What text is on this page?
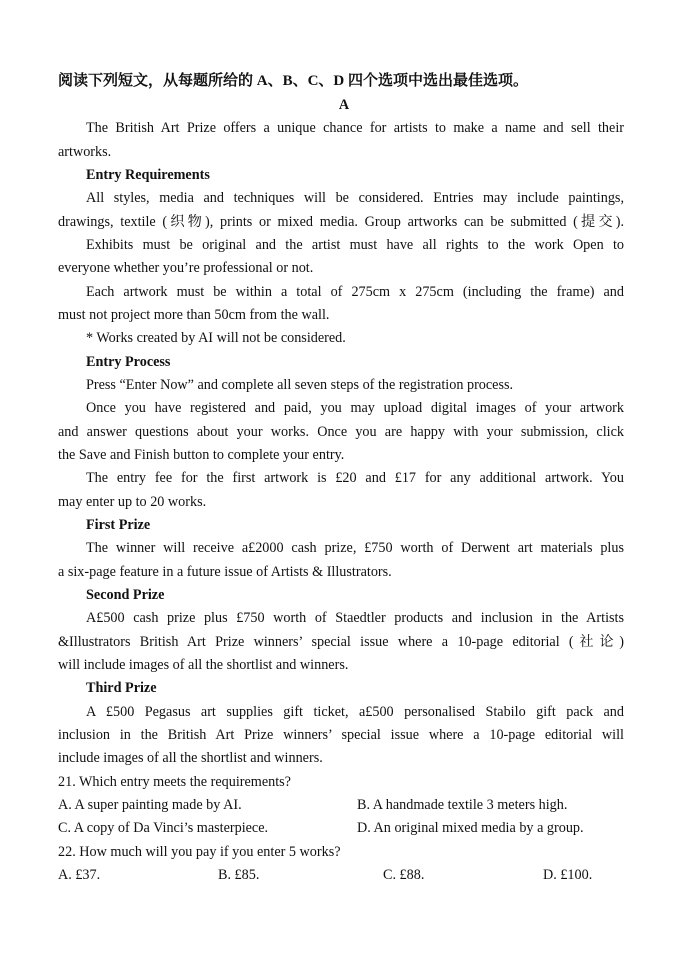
阅读下列短文，从每题所给的 A、B、C、D 四个选项中选出最佳选项。
A
The British Art Prize offers a unique chance for artists to make a name and sell their
artworks.
Entry Requirements
All styles, media and techniques will be considered. Entries may include paintings,
drawings, textile (织物), prints or mixed media. Group artworks can be submitted (提交).
Exhibits must be original and the artist must have all rights to the work Open to
everyone whether you’re professional or not.
Each artwork must be within a total of 275cm x 275cm (including the frame) and
must not project more than 50cm from the wall.
* Works created by AI will not be considered.
Entry Process
Press “Enter Now” and complete all seven steps of the registration process.
Once you have registered and paid, you may upload digital images of your artwork
and answer questions about your works. Once you are happy with your submission, click
the Save and Finish button to complete your entry.
The entry fee for the first artwork is £20 and £17 for any additional artwork. You
may enter up to 20 works.
First Prize
The winner will receive a£2000 cash prize, £750 worth of Derwent art materials plus
a six-page feature in a future issue of Artists & Illustrators.
Second Prize
A£500 cash prize plus £750 worth of Staedtler products and inclusion in the Artists
&Illustrators British Art Prize winners’ special issue where a 10-page editorial (社论)
will include images of all the shortlist and winners.
Third Prize
A £500 Pegasus art supplies gift ticket, a£500 personalised Stabilo gift pack and
inclusion in the British Art Prize winners’ special issue where a 10-page editorial will
include images of all the shortlist and winners.
21. Which entry meets the requirements?
A. A super painting made by AI.	B. A handmade textile 3 meters high.
C. A copy of Da Vinci’s masterpiece.	D. An original mixed media by a group.
22. How much will you pay if you enter 5 works?
A. £37.	B. £85.	C. £88.	D. £100.
